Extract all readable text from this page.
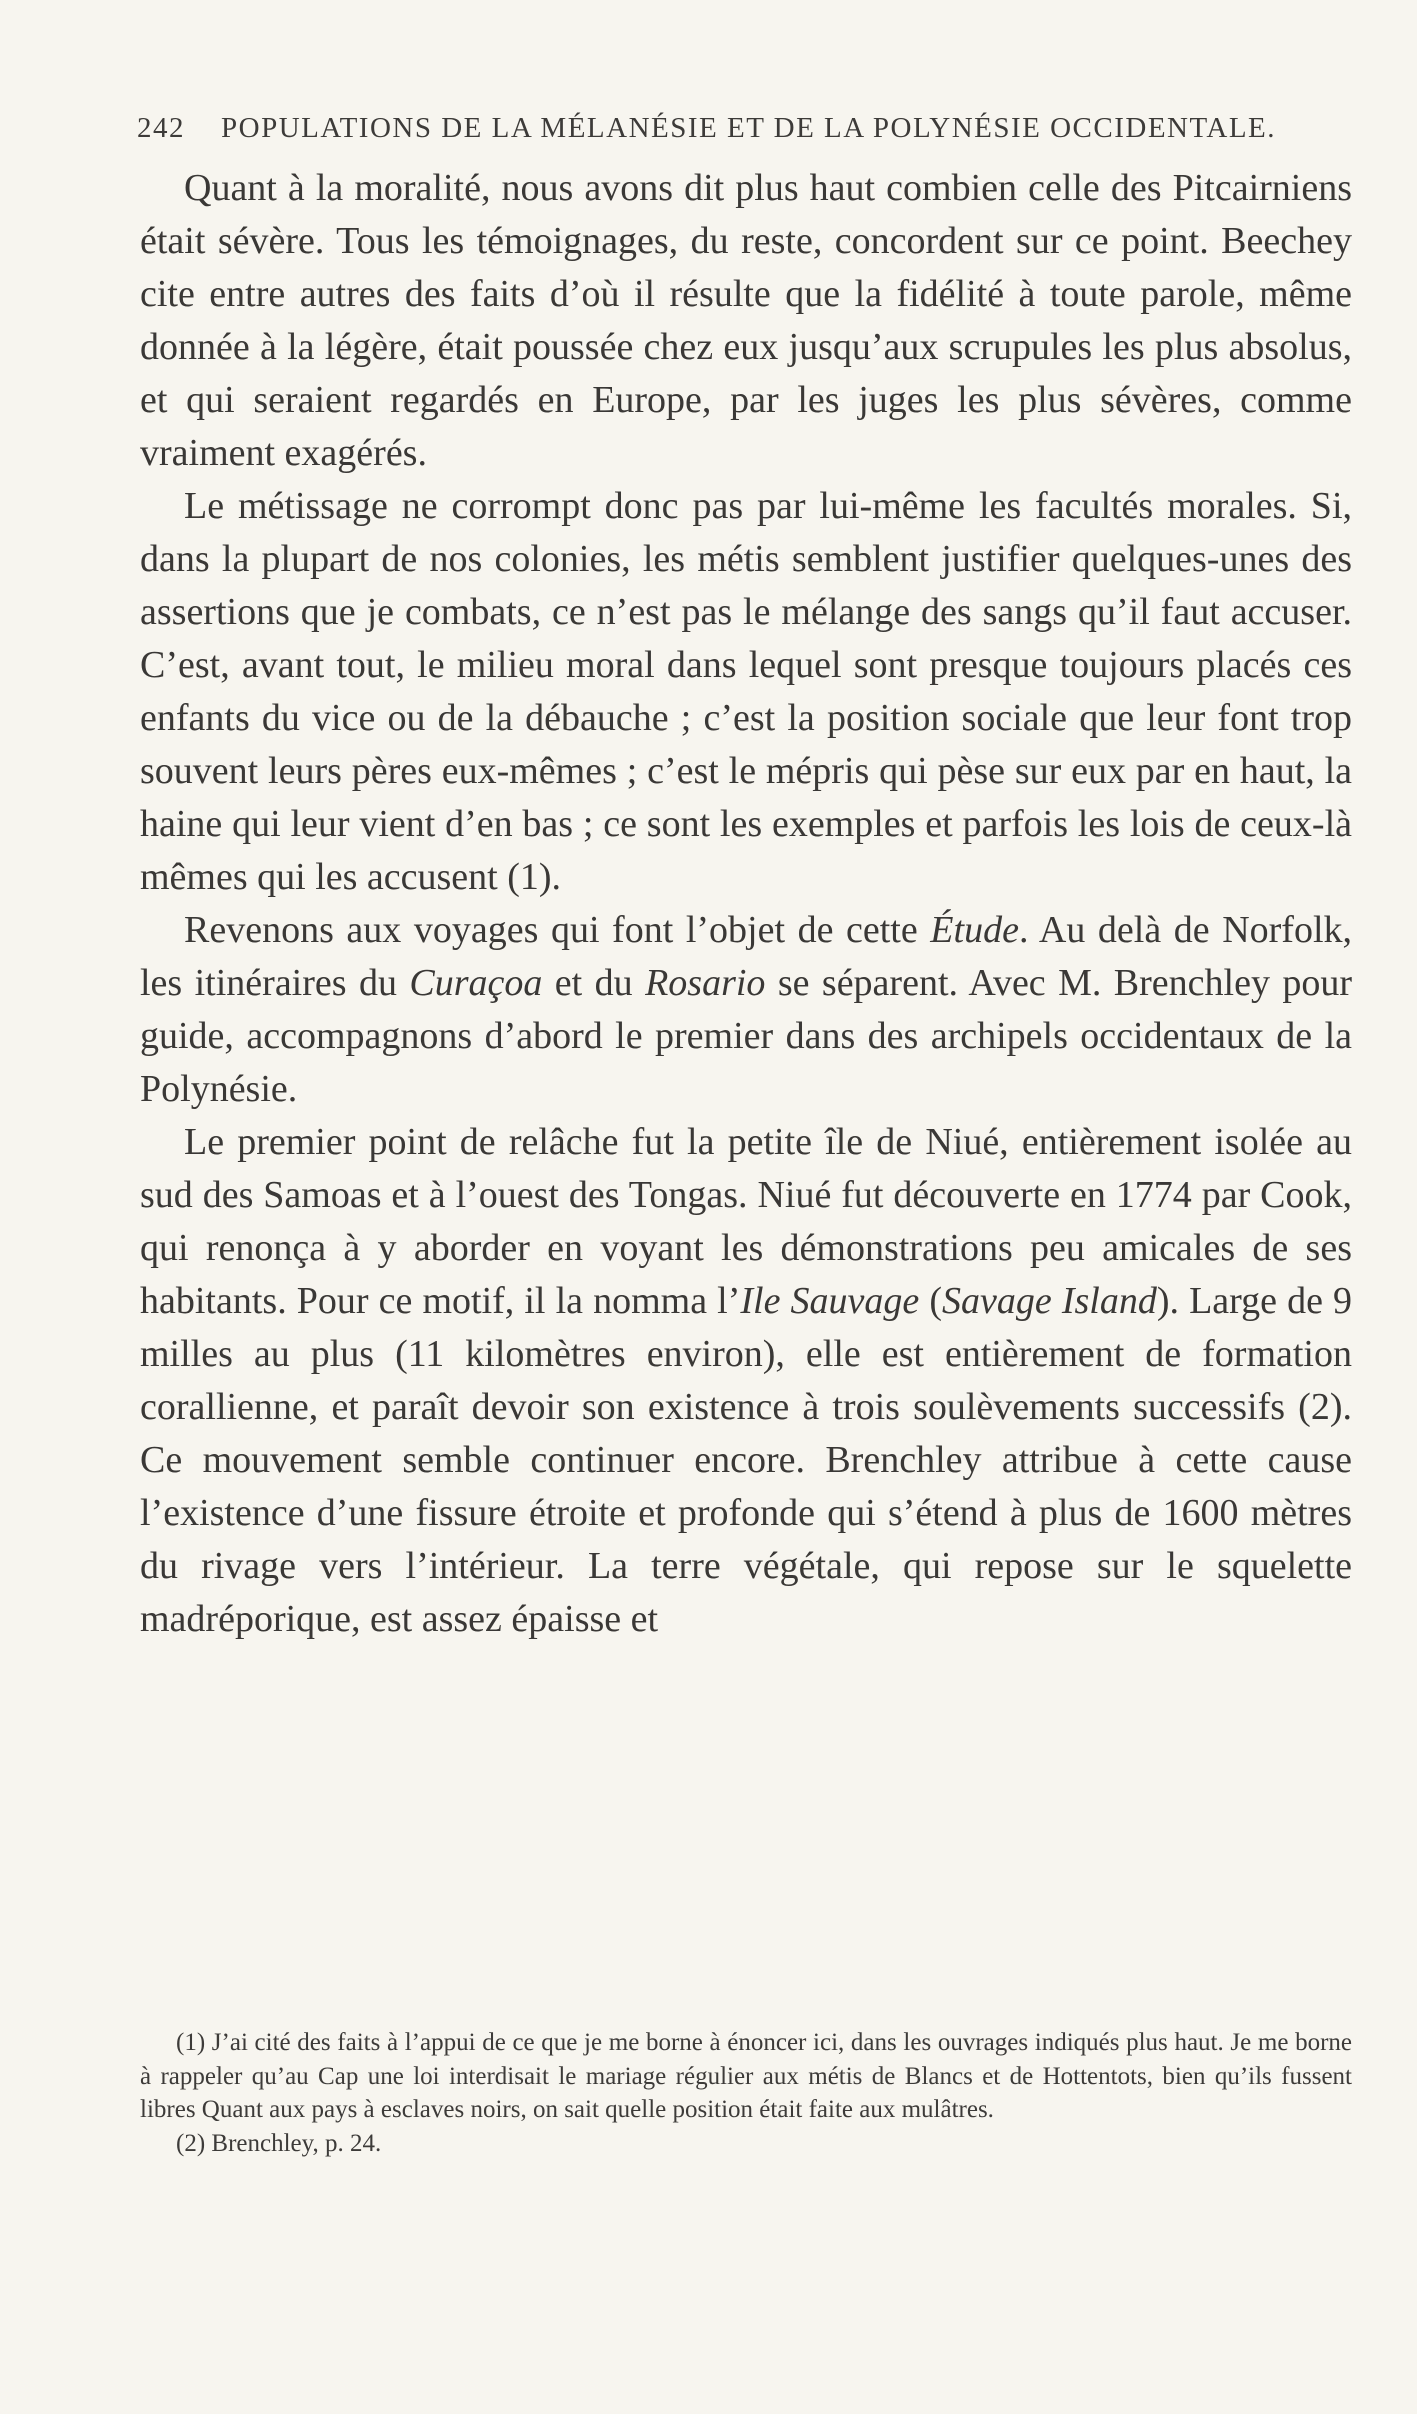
242 POPULATIONS DE LA MÉLANÉSIE ET DE LA POLYNÉSIE OCCIDENTALE.

Quant à la moralité, nous avons dit plus haut combien celle des Pitcairniens était sévère. Tous les témoignages, du reste, concordent sur ce point. Beechey cite entre autres des faits d’où il résulte que la fidélité à toute parole, même donnée à la légère, était poussée chez eux jusqu’aux scrupules les plus absolus, et qui seraient regardés en Europe, par les juges les plus sévères, comme vraiment exagérés.

Le métissage ne corrompt donc pas par lui-même les facultés morales. Si, dans la plupart de nos colonies, les métis semblent justifier quelques-unes des assertions que je combats, ce n’est pas le mélange des sangs qu’il faut accuser. C’est, avant tout, le milieu moral dans lequel sont presque toujours placés ces enfants du vice ou de la débauche ; c’est la position sociale que leur font trop souvent leurs pères eux-mêmes ; c’est le mépris qui pèse sur eux par en haut, la haine qui leur vient d’en bas ; ce sont les exemples et parfois les lois de ceux-là mêmes qui les accusent (1).

Revenons aux voyages qui font l’objet de cette Étude. Au delà de Norfolk, les itinéraires du Curaçoa et du Rosario se séparent. Avec M. Brenchley pour guide, accompagnons d’abord le premier dans des archipels occidentaux de la Polynésie.

Le premier point de relâche fut la petite île de Niué, entièrement isolée au sud des Samoas et à l’ouest des Tongas. Niué fut découverte en 1774 par Cook, qui renonça à y aborder en voyant les démonstrations peu amicales de ses habitants. Pour ce motif, il la nomma l’Ile Sauvage (Savage Island). Large de 9 milles au plus (11 kilomètres environ), elle est entièrement de formation corallienne, et paraît devoir son existence à trois soulèvements successifs (2). Ce mouvement semble continuer encore. Brenchley attribue à cette cause l’existence d’une fissure étroite et profonde qui s’étend à plus de 1600 mètres du rivage vers l’intérieur. La terre végétale, qui repose sur le squelette madréporique, est assez épaisse et

(1) J’ai cité des faits à l’appui de ce que je me borne à énoncer ici, dans les ouvrages indiqués plus haut. Je me borne à rappeler qu’au Cap une loi interdisait le mariage régulier aux métis de Blancs et de Hottentots, bien qu’ils fussent libres Quant aux pays à esclaves noirs, on sait quelle position était faite aux mulâtres.

(2) Brenchley, p. 24.
